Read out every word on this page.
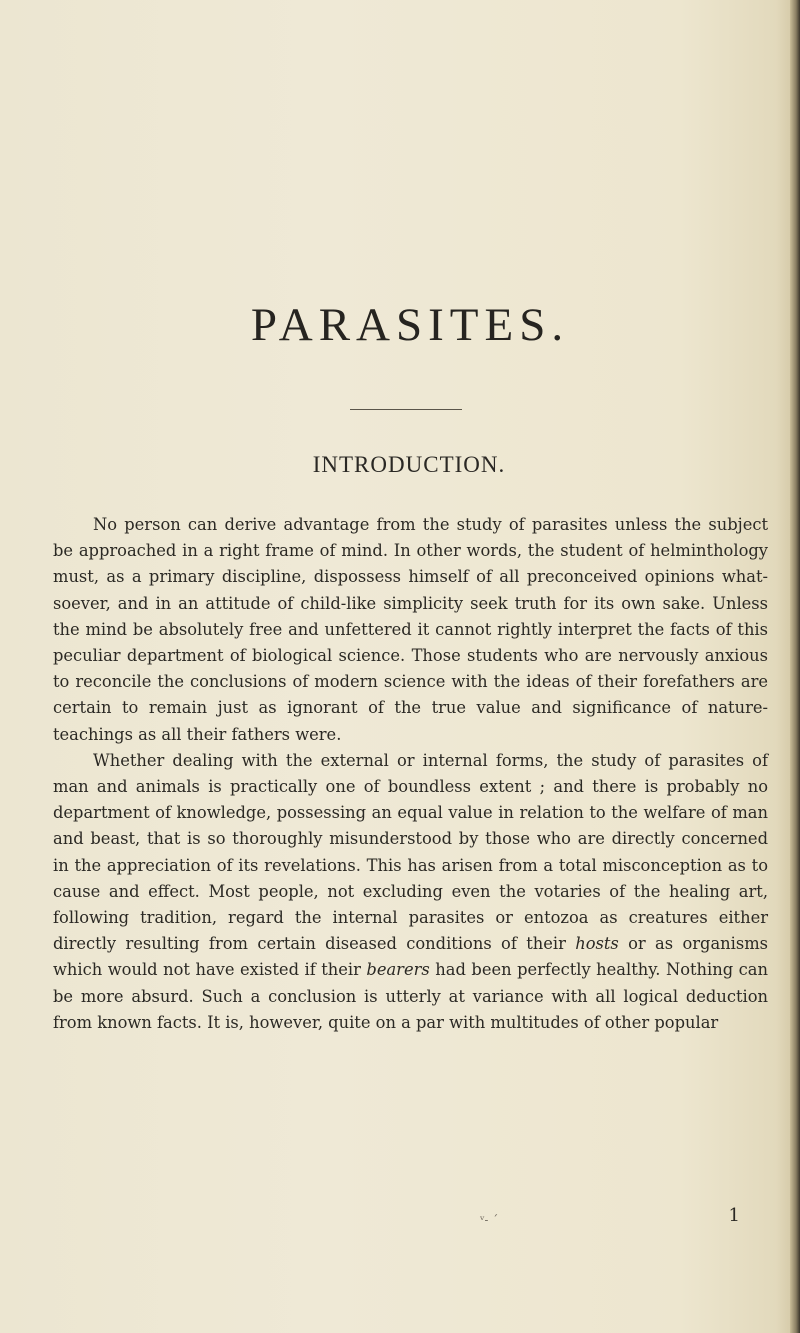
PARASITES.
INTRODUCTION.

No person can derive advantage from the study of parasites unless the subject be approached in a right frame of mind. In other words, the student of helminthology must, as a primary discipline, dispossess himself of all preconceived opinions what-soever, and in an attitude of child-like simplicity seek truth for its own sake. Unless the mind be absolutely free and unfettered it cannot rightly interpret the facts of this peculiar department of biological science. Those students who are nervously anxious to reconcile the conclusions of modern science with the ideas of their forefathers are certain to remain just as ignorant of the true value and significance of nature-teachings as all their fathers were.

Whether dealing with the external or internal forms, the study of parasites of man and animals is practically one of boundless extent ; and there is probably no department of knowledge, possessing an equal value in relation to the welfare of man and beast, that is so thoroughly misunderstood by those who are directly concerned in the appreciation of its revelations. This has arisen from a total misconception as to cause and effect. Most people, not excluding even the votaries of the healing art, following tradition, regard the internal parasites or entozoa as creatures either directly resulting from certain diseased conditions of their hosts or as organisms which would not have existed if their bearers had been perfectly healthy. Nothing can be more absurd. Such a conclusion is utterly at variance with all logical deduction from known facts. It is, however, quite on a par with multitudes of other popular

ᵛ˗ ˊ	1
